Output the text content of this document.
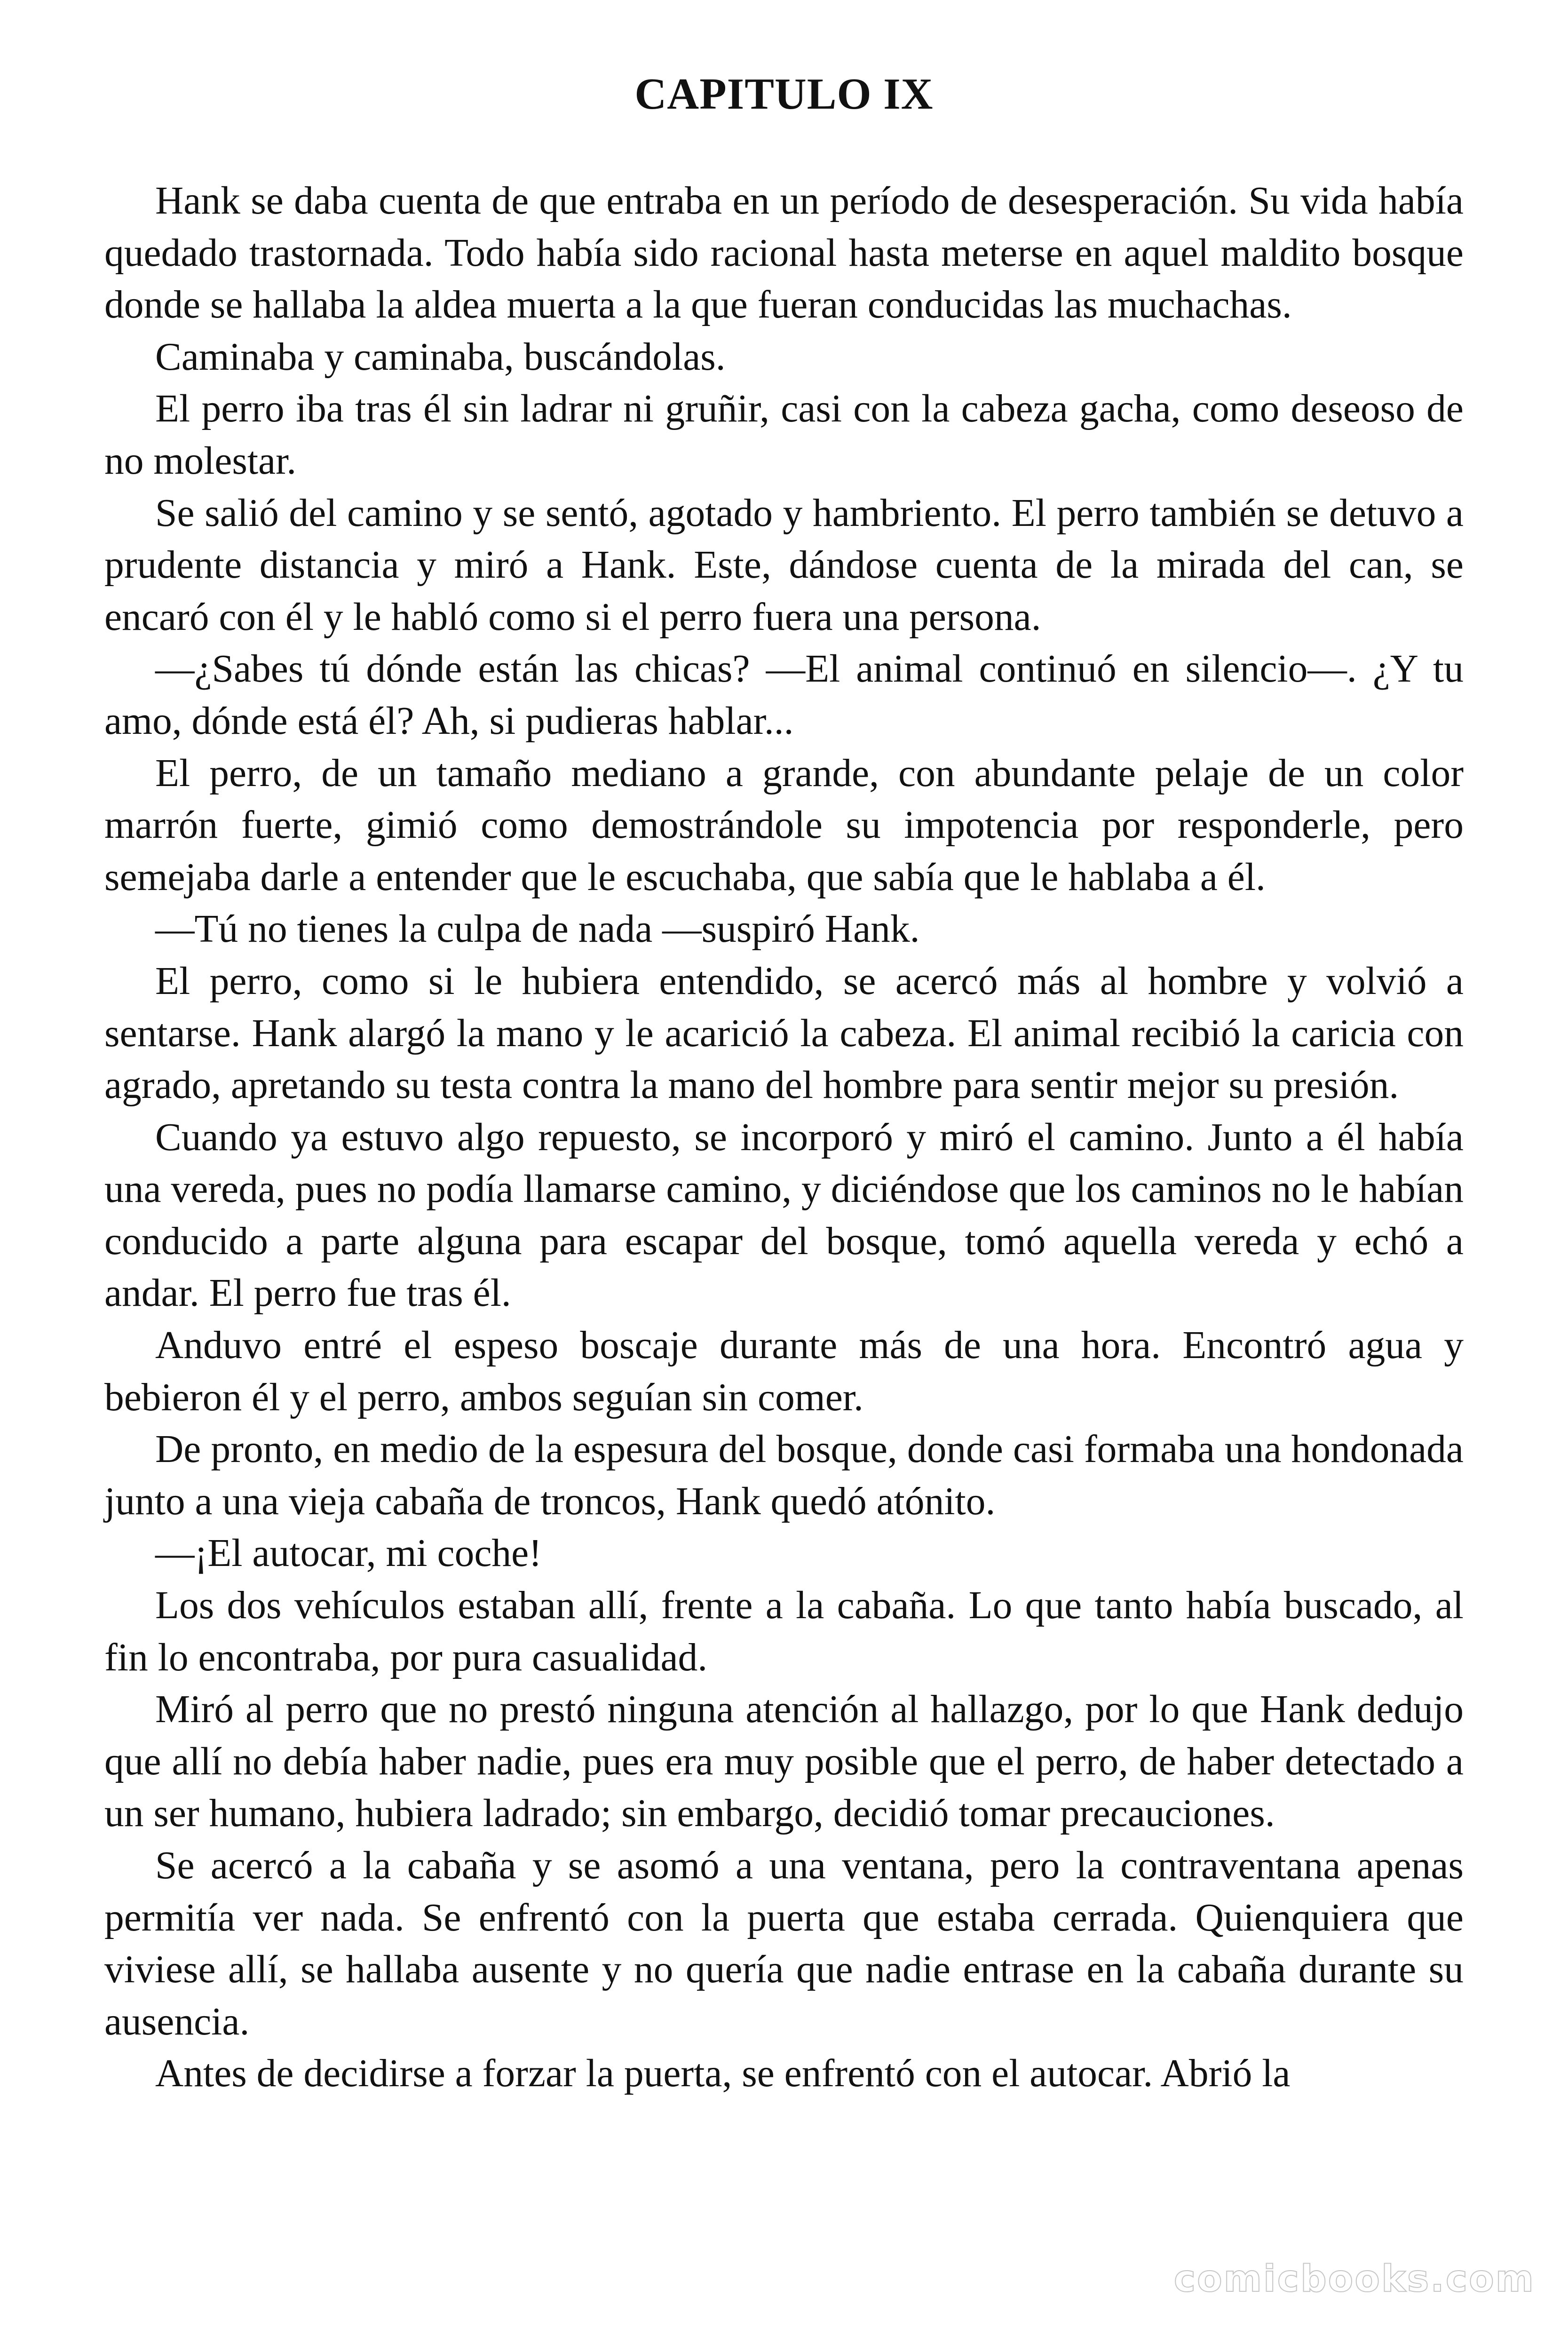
CAPITULO IX

Hank se daba cuenta de que entraba en un período de desesperación. Su vida había quedado trastornada. Todo había sido racional hasta meterse en aquel maldito bosque donde se hallaba la aldea muerta a la que fueran conducidas las muchachas.

Caminaba y caminaba, buscándolas.

El perro iba tras él sin ladrar ni gruñir, casi con la cabeza gacha, como deseoso de no molestar.

Se salió del camino y se sentó, agotado y hambriento. El perro también se detuvo a prudente distancia y miró a Hank. Este, dándose cuenta de la mirada del can, se encaró con él y le habló como si el perro fuera una persona.

—¿Sabes tú dónde están las chicas? —El animal continuó en silencio—. ¿Y tu amo, dónde está él? Ah, si pudieras hablar...

El perro, de un tamaño mediano a grande, con abundante pelaje de un color marrón fuerte, gimió como demostrándole su impotencia por responderle, pero semejaba darle a entender que le escuchaba, que sabía que le hablaba a él.

—Tú no tienes la culpa de nada —suspiró Hank.

El perro, como si le hubiera entendido, se acercó más al hombre y volvió a sentarse. Hank alargó la mano y le acarició la cabeza. El animal recibió la caricia con agrado, apretando su testa contra la mano del hombre para sentir mejor su presión.

Cuando ya estuvo algo repuesto, se incorporó y miró el camino. Junto a él había una vereda, pues no podía llamarse camino, y diciéndose que los caminos no le habían conducido a parte alguna para escapar del bosque, tomó aquella vereda y echó a andar. El perro fue tras él.

Anduvo entré el espeso boscaje durante más de una hora. Encontró agua y bebieron él y el perro, ambos seguían sin comer.

De pronto, en medio de la espesura del bosque, donde casi formaba una hondonada junto a una vieja cabaña de troncos, Hank quedó atónito.

—¡El autocar, mi coche!

Los dos vehículos estaban allí, frente a la cabaña. Lo que tanto había buscado, al fin lo encontraba, por pura casualidad.

Miró al perro que no prestó ninguna atención al hallazgo, por lo que Hank dedujo que allí no debía haber nadie, pues era muy posible que el perro, de haber detectado a un ser humano, hubiera ladrado; sin embargo, decidió tomar precauciones.

Se acercó a la cabaña y se asomó a una ventana, pero la contraventana apenas permitía ver nada. Se enfrentó con la puerta que estaba cerrada. Quienquiera que viviese allí, se hallaba ausente y no quería que nadie entrase en la cabaña durante su ausencia.

Antes de decidirse a forzar la puerta, se enfrentó con el autocar. Abrió la

comicbooks.com
